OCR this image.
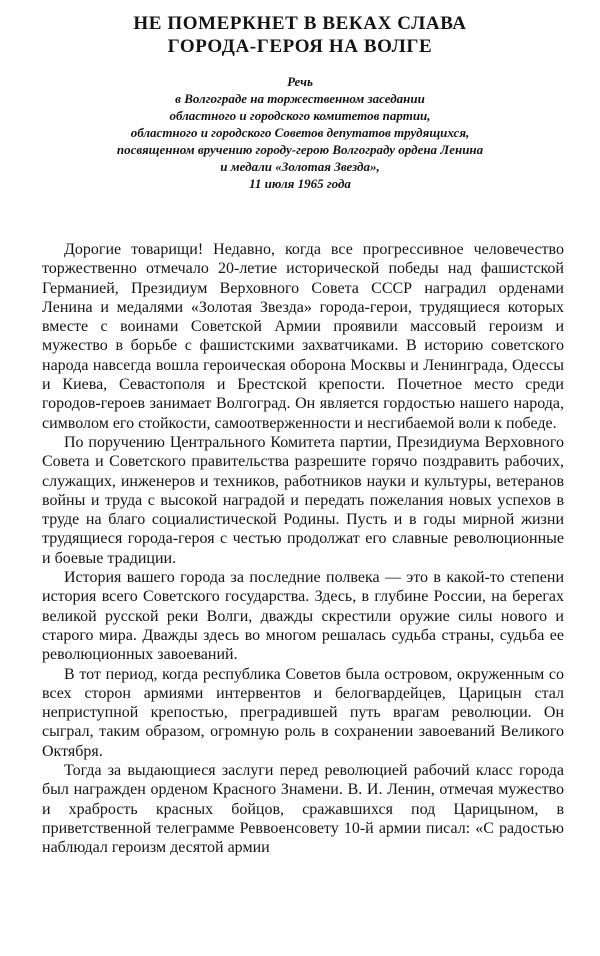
НЕ ПОМЕРКНЕТ В ВЕКАХ СЛАВА
ГОРОДА-ГЕРОЯ НА ВОЛГЕ
Речь
в Волгограде на торжественном заседании
областного и городского комитетов партии,
областного и городского Советов депутатов трудящихся,
посвященном вручению городу-герою Волгограду ордена Ленина
и медали «Золотая Звезда»,
11 июля 1965 года

Дорогие товарищи! Недавно, когда все прогрессивное человечество торжественно отмечало 20-летие исторической победы над фашистской Германией, Президиум Верховного Совета СССР наградил орденами Ленина и медалями «Золотая Звезда» города-герои, трудящиеся которых вместе с воинами Советской Армии проявили массовый героизм и мужество в борьбе с фашистскими захватчиками. В историю советского народа навсегда вошла героическая оборона Москвы и Ленинграда, Одессы и Киева, Севастополя и Брестской крепости. Почетное место среди городов-героев занимает Волгоград. Он является гордостью нашего народа, символом его стойкости, самоотверженности и несгибаемой воли к победе.

По поручению Центрального Комитета партии, Президиума Верховного Совета и Советского правительства разрешите горячо поздравить рабочих, служащих, инженеров и техников, работников науки и культуры, ветеранов войны и труда с высокой наградой и передать пожелания новых успехов в труде на благо социалистической Родины. Пусть и в годы мирной жизни трудящиеся города-героя с честью продолжат его славные революционные и боевые традиции.

История вашего города за последние полвека — это в какой-то степени история всего Советского государства. Здесь, в глубине России, на берегах великой русской реки Волги, дважды скрестили оружие силы нового и старого мира. Дважды здесь во многом решалась судьба страны, судьба ее революционных завоеваний.

В тот период, когда республика Советов была островом, окруженным со всех сторон армиями интервентов и белогвардейцев, Царицын стал неприступной крепостью, преградившей путь врагам революции. Он сыграл, таким образом, огромную роль в сохранении завоеваний Великого Октября.

Тогда за выдающиеся заслуги перед революцией рабочий класс города был награжден орденом Красного Знамени. В. И. Ленин, отмечая мужество и храбрость красных бойцов, сражавшихся под Царицыном, в приветственной телеграмме Реввоенсовету 10-й армии писал: «С радостью наблюдал героизм десятой армии
